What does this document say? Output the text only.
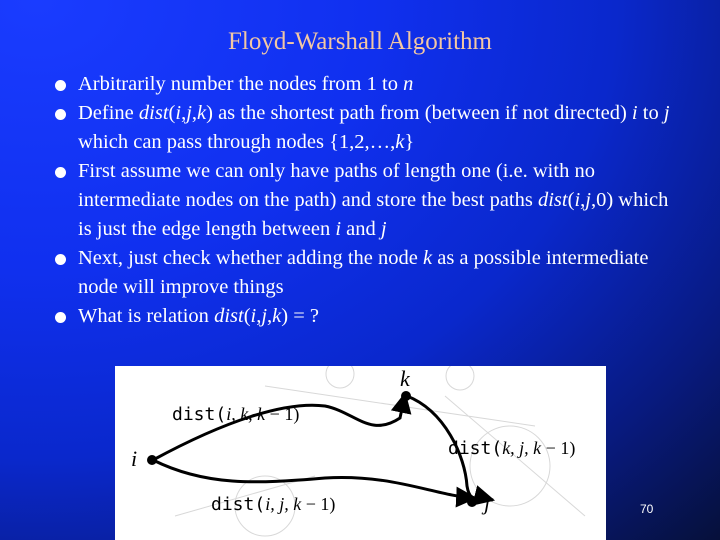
Floyd-Warshall Algorithm
Arbitrarily number the nodes from 1 to n
Define dist(i,j,k) as the shortest path from (between if not directed) i to j which can pass through nodes {1,2,…,k}
First assume we can only have paths of length one (i.e. with no intermediate nodes on the path) and store the best paths dist(i,j,0) which is just the edge length between i and j
Next, just check whether adding the node k as a possible intermediate node will improve things
What is relation dist(i,j,k) = ?
i
k
j
dist(i, k, k − 1)
dist(k, j, k − 1)
dist(i, j, k − 1)	70
